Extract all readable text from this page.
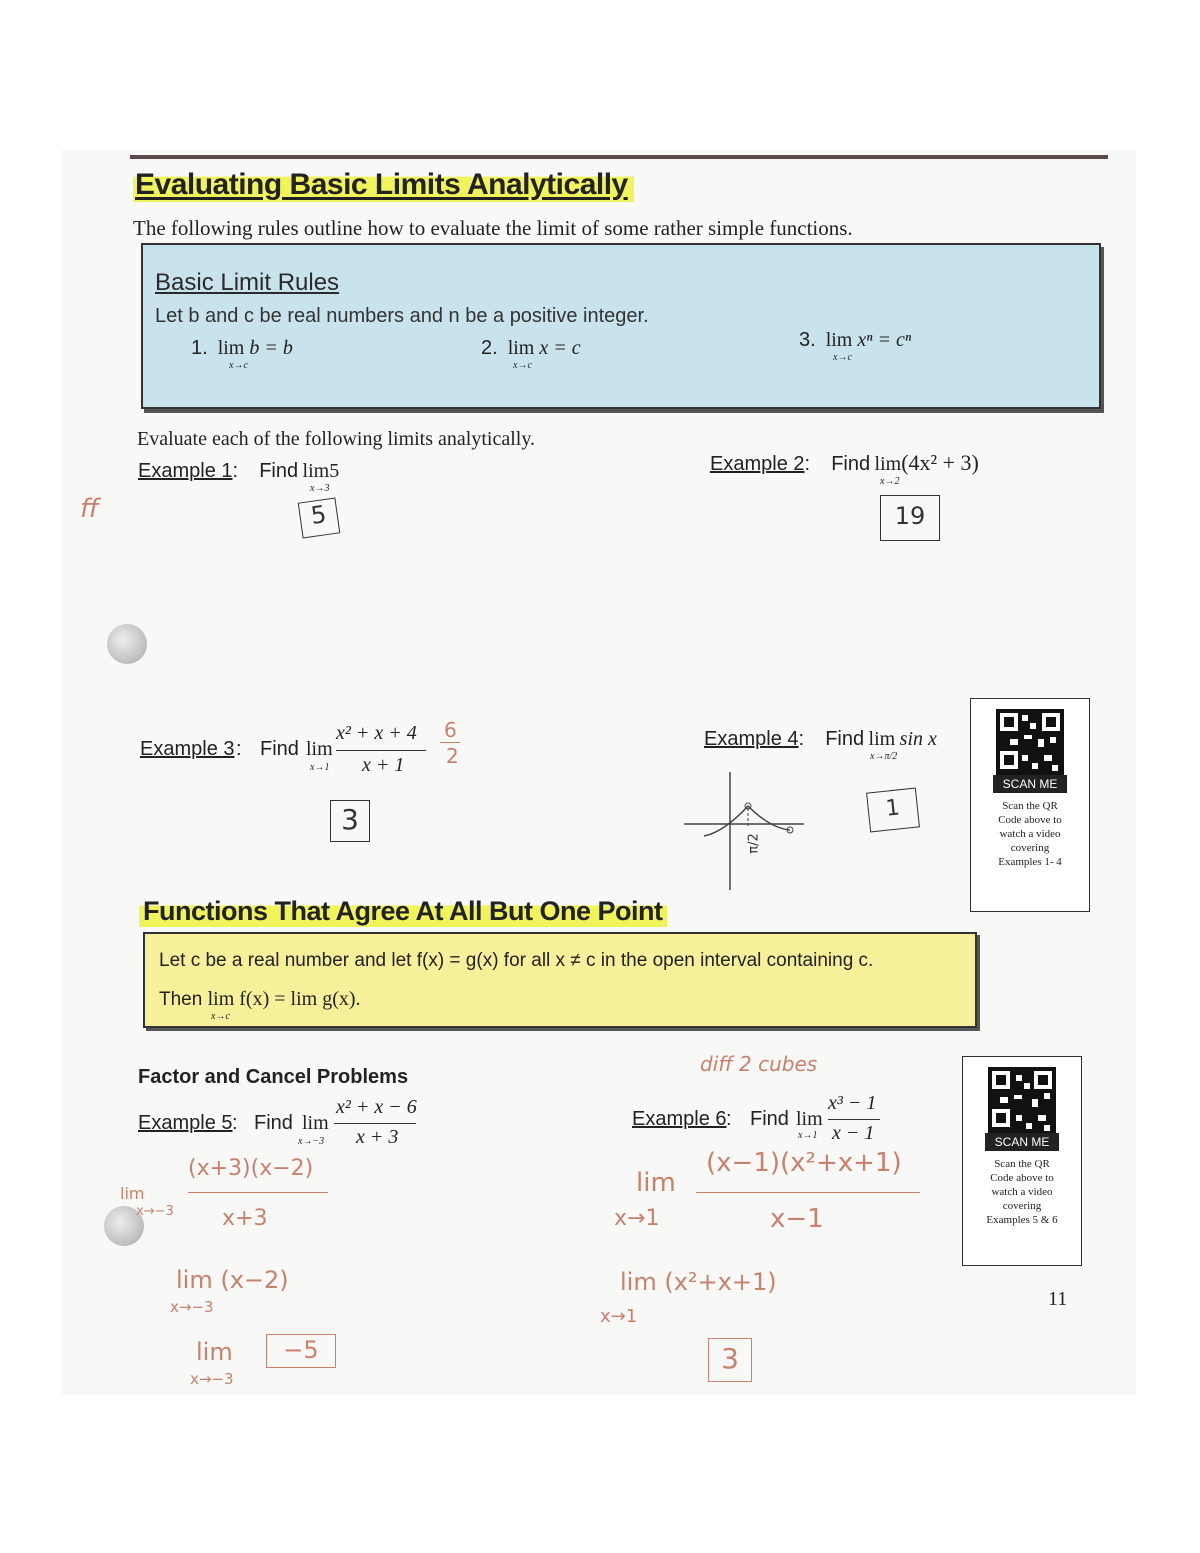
ff
Evaluating Basic Limits Analytically
The following rules outline how to evaluate the limit of some rather simple functions.
Basic Limit Rules
Let b and c be real numbers and n be a positive integer.
1. lim b = b
x→c
2. lim x = c
x→c
3. lim xⁿ = cⁿ
x→c
Evaluate each of the following limits analytically.
Example 1:    Find lim5
x→3
5
Example 2:    Find lim(4x² + 3)
x→2
19
Example 3 : Find lim
x→1
x² + x + 4
x + 1
6
2
3
Example 4:    Find lim sin x
x→π/2
π/2
1
SCAN ME
Scan the QR
Code above to
watch a video
covering
Examples 1- 4
Functions That Agree At All But One Point
Let c be a real number and let f(x) = g(x) for all x ≠ c in the open interval containing c.
Then lim f(x) = lim g(x).
x→c
Factor and Cancel Problems
Example 5 : Find lim
x→−3
x² + x − 6
x + 3
lim
x→−3
(x+3)(x−2)
x+3
lim (x−2)
x→−3
lim
x→−3
−5
diff 2 cubes
Example 6 : Find lim
x→1
x³ − 1
x − 1
lim
x→1
(x−1)(x²+x+1)
x−1
lim (x²+x+1)
x→1
3
SCAN ME
Scan the QR
Code above to
watch a video
covering
Examples 5 & 6
11
